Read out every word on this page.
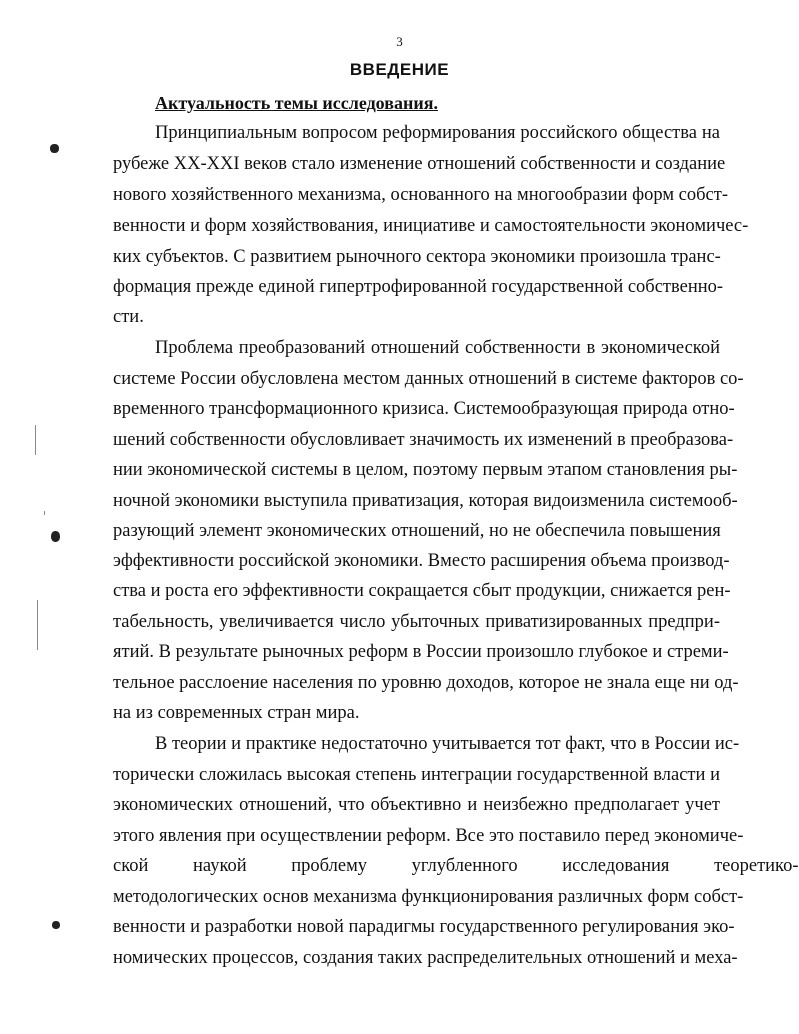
3
ВВЕДЕНИЕ
Актуальность темы исследования.
Принципиальным вопросом реформирования российского общества на
рубеже XX-XXI веков стало изменение отношений собственности и создание
нового хозяйственного механизма, основанного на многообразии форм собст-
венности и форм хозяйствования, инициативе и самостоятельности экономичес-
ких субъектов. С развитием рыночного сектора экономики произошла транс-
формация прежде единой гипертрофированной государственной собственно-
сти.
Проблема преобразований отношений собственности в экономической
системе России обусловлена местом данных отношений в системе факторов со-
временного трансформационного кризиса. Системообразующая природа отно-
шений собственности обусловливает значимость их изменений в преобразова-
нии экономической системы в целом, поэтому первым этапом становления ры-
ночной экономики выступила приватизация, которая видоизменила системооб-
разующий элемент экономических отношений, но не обеспечила повышения
эффективности российской экономики. Вместо расширения объема производ-
ства и роста его эффективности сокращается сбыт продукции, снижается рен-
табельность, увеличивается число убыточных приватизированных предпри-
ятий. В результате рыночных реформ в России произошло глубокое и стреми-
тельное расслоение населения по уровню доходов, которое не знала еще ни од-
на из современных стран мира.
В теории и практике недостаточно учитывается тот факт, что в России ис-
торически сложилась высокая степень интеграции государственной власти и
экономических отношений, что объективно и неизбежно предполагает учет
этого явления при осуществлении реформ. Все это поставило перед экономиче-
ской наукой проблему углубленного исследования теоретико-
методологических основ механизма функционирования различных форм собст-
венности и разработки новой парадигмы государственного регулирования эко-
номических процессов, создания таких распределительных отношений и меха-
